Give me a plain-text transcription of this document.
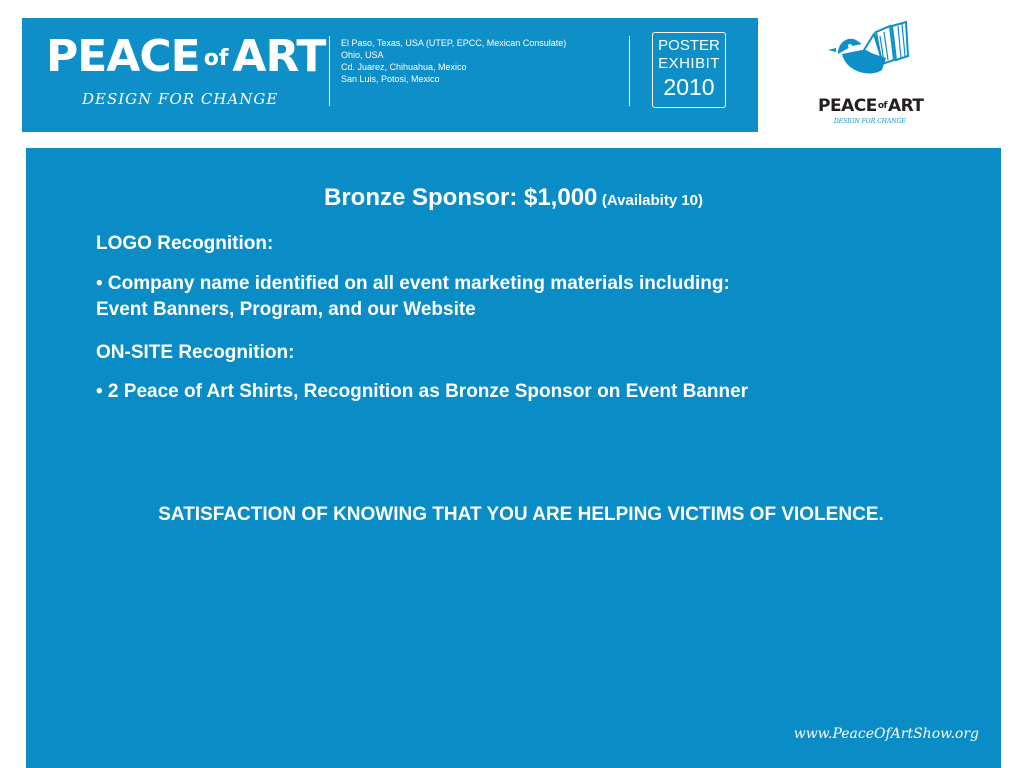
PEACE ofART
DESIGN FOR CHANGE
El Paso, Texas, USA (UTEP, EPCC, Mexican Consulate)
Ohio, USA
Cd. Juarez, Chihuahua, Mexico
San Luis, Potosi, Mexico
POSTER
EXHIBIT
2010
PEACEofART
DESIGN FOR CHANGE
Bronze Sponsor: $1,000 (Availabity 10)
LOGO Recognition:
• Company name identified on all event marketing materials including:
Event Banners, Program, and our Website
ON-SITE Recognition:
• 2 Peace of Art Shirts, Recognition as Bronze Sponsor on Event Banner
SATISFACTION OF KNOWING THAT YOU ARE HELPING VICTIMS OF VIOLENCE.
www.PeaceOfArtShow.org
